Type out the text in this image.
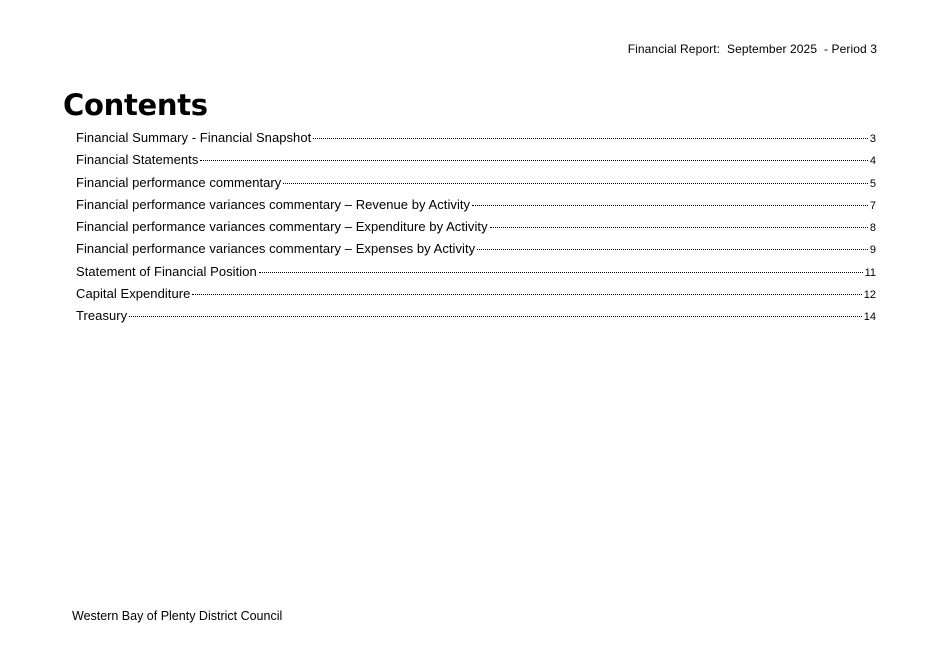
Financial Report:  September 2025  - Period 3
Contents
Financial Summary - Financial Snapshot	3
Financial Statements	4
Financial performance commentary	5
Financial performance variances commentary – Revenue by Activity	7
Financial performance variances commentary – Expenditure by Activity	8
Financial performance variances commentary – Expenses by Activity	9
Statement of Financial Position	11
Capital Expenditure	12
Treasury	14
Western Bay of Plenty District Council
